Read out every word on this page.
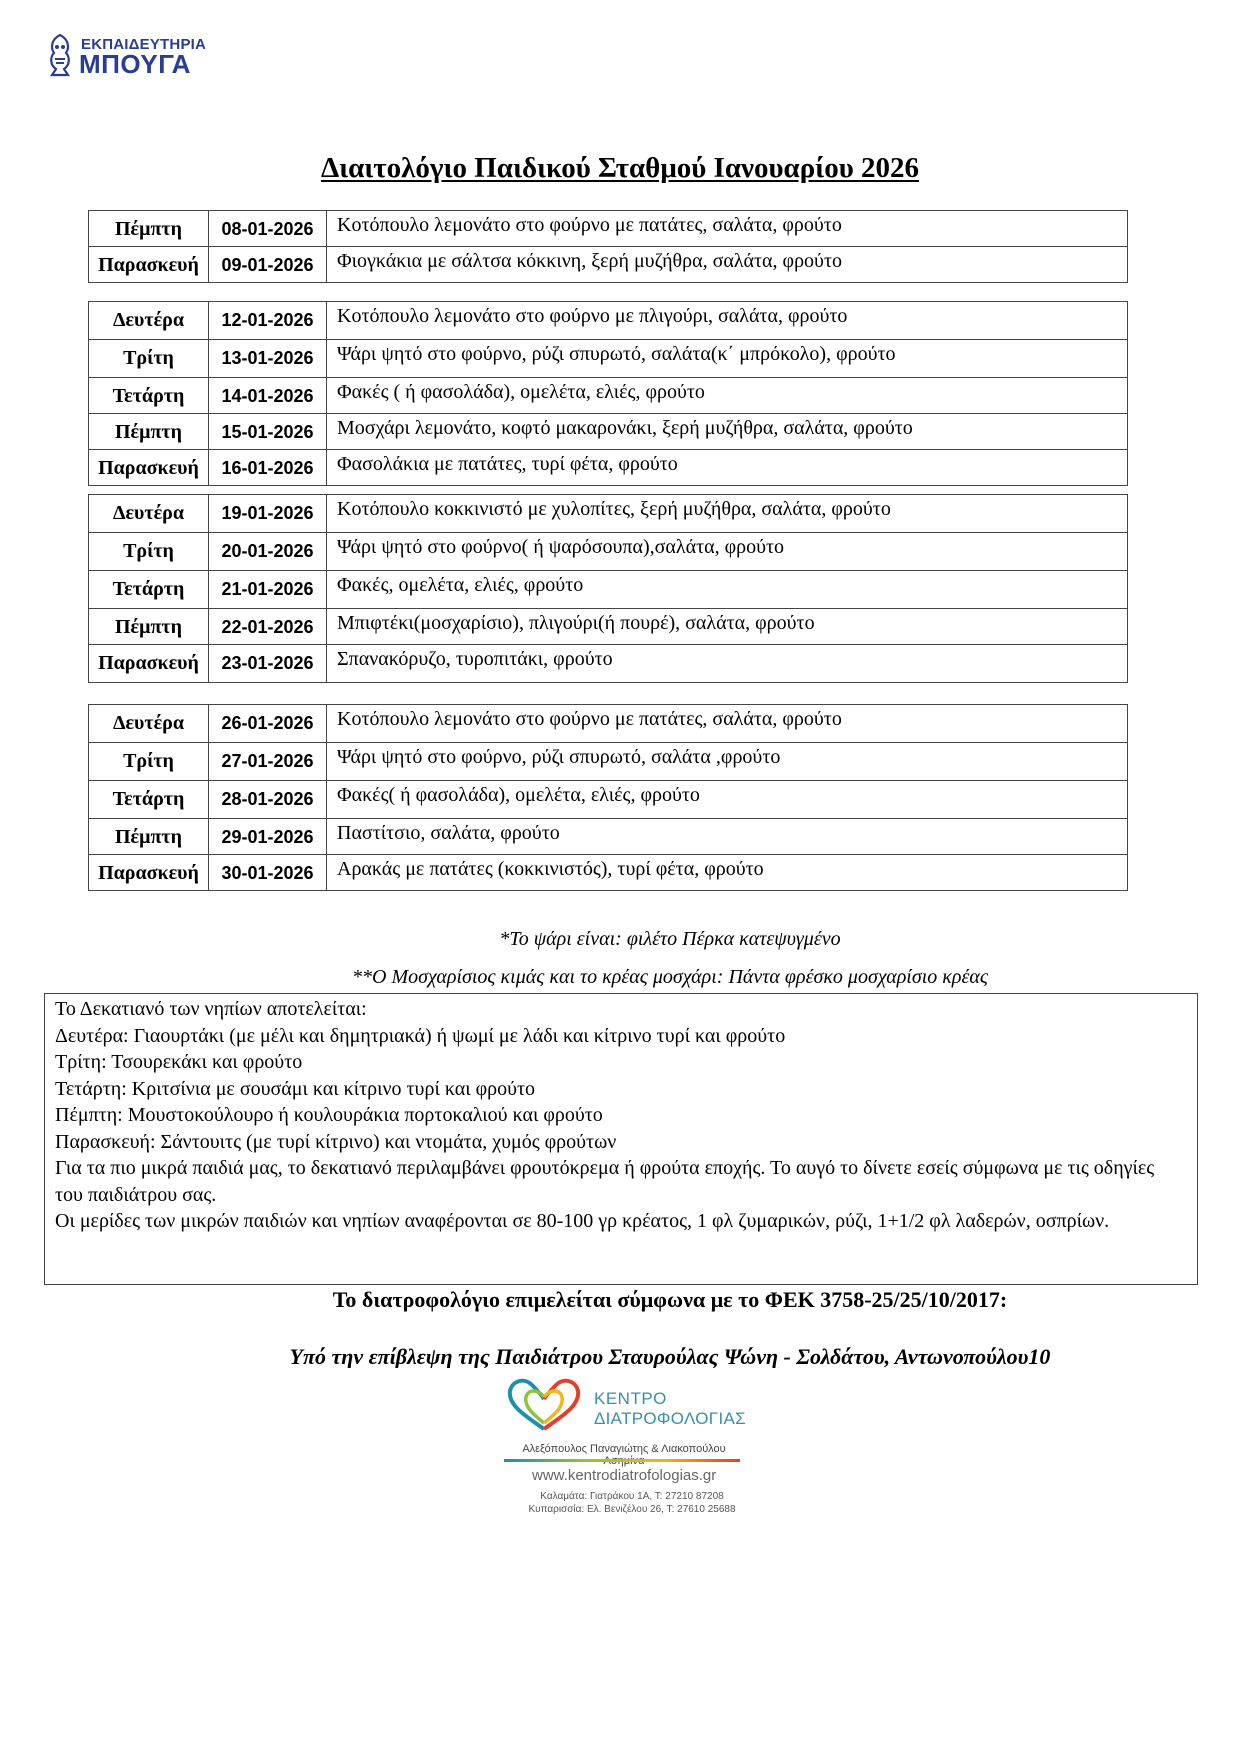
ΕΚΠΑΙΔΕΥΤΗΡΙΑ
ΜΠΟΥΓΑ
Διαιτολόγιο Παιδικού Σταθμού Ιανουαρίου 2026
Πέμπτη	08-01-2026	Κοτόπουλο λεμονάτο στο φούρνο με πατάτες, σαλάτα, φρούτο
Παρασκευή	09-01-2026	Φιογκάκια με σάλτσα κόκκινη, ξερή μυζήθρα, σαλάτα, φρούτο
Δευτέρα	12-01-2026	Κοτόπουλο λεμονάτο στο φούρνο με πλιγούρι, σαλάτα, φρούτο
Τρίτη	13-01-2026	Ψάρι ψητό στο φούρνο, ρύζι σπυρωτό, σαλάτα(κ΄ μπρόκολο), φρούτο
Τετάρτη	14-01-2026	Φακές ( ή φασολάδα), ομελέτα, ελιές, φρούτο
Πέμπτη	15-01-2026	Μοσχάρι λεμονάτο, κοφτό μακαρονάκι, ξερή μυζήθρα, σαλάτα, φρούτο
Παρασκευή	16-01-2026	Φασολάκια με πατάτες, τυρί φέτα, φρούτο
Δευτέρα	19-01-2026	Κοτόπουλο κοκκινιστό με χυλοπίτες, ξερή μυζήθρα, σαλάτα, φρούτο
Τρίτη	20-01-2026	Ψάρι ψητό στο φούρνο( ή ψαρόσουπα),σαλάτα, φρούτο
Τετάρτη	21-01-2026	Φακές, ομελέτα, ελιές, φρούτο
Πέμπτη	22-01-2026	Μπιφτέκι(μοσχαρίσιο), πλιγούρι(ή πουρέ), σαλάτα, φρούτο
Παρασκευή	23-01-2026	Σπανακόρυζο, τυροπιτάκι, φρούτο
Δευτέρα	26-01-2026	Κοτόπουλο λεμονάτο στο φούρνο με πατάτες, σαλάτα, φρούτο
Τρίτη	27-01-2026	Ψάρι ψητό στο φούρνο, ρύζι σπυρωτό, σαλάτα ,φρούτο
Τετάρτη	28-01-2026	Φακές( ή φασολάδα), ομελέτα, ελιές, φρούτο
Πέμπτη	29-01-2026	Παστίτσιο, σαλάτα, φρούτο
Παρασκευή	30-01-2026	Αρακάς με πατάτες (κοκκινιστός), τυρί φέτα, φρούτο
*Το ψάρι είναι: φιλέτο Πέρκα κατεψυγμένο
**Ο Μοσχαρίσιος κιμάς και το κρέας μοσχάρι: Πάντα φρέσκο μοσχαρίσιο κρέας
Το Δεκατιανό των νηπίων αποτελείται:
Δευτέρα: Γιαουρτάκι (με μέλι και δημητριακά) ή ψωμί με λάδι και κίτρινο τυρί και φρούτο
Τρίτη: Τσουρεκάκι και φρούτο
Τετάρτη: Κριτσίνια με σουσάμι και κίτρινο τυρί και φρούτο
Πέμπτη: Μουστοκούλουρο ή κουλουράκια πορτοκαλιού και φρούτο
Παρασκευή: Σάντουιτς (με τυρί κίτρινο) και ντομάτα, χυμός φρούτων
Για τα πιο μικρά παιδιά μας, το δεκατιανό περιλαμβάνει φρουτόκρεμα ή φρούτα εποχής. Το αυγό το δίνετε εσείς σύμφωνα με τις οδηγίες του παιδιάτρου σας.
Οι μερίδες των μικρών παιδιών και νηπίων αναφέρονται σε 80-100 γρ κρέατος, 1 φλ ζυμαρικών, ρύζι, 1+1/2 φλ λαδερών, οσπρίων.
Το διατροφολόγιο επιμελείται σύμφωνα με το ΦΕΚ 3758-25/25/10/2017:
Υπό την επίβλεψη της Παιδιάτρου Σταυρούλας Ψώνη - Σολδάτου, Αντωνοπούλου10
ΚΕΝΤΡΟ
ΔΙΑΤΡΟΦΟΛΟΓΙΑΣ
Αλεξόπουλος Παναγιώτης & Λιακοπούλου
www.kentrodiatrofologias.gr
Καλαμάτα: Γιατράκου 1Α, Τ: 27210 87208
Κυπαρισσία: Ελ. Βενιζέλου 26, Τ: 27610 25688
